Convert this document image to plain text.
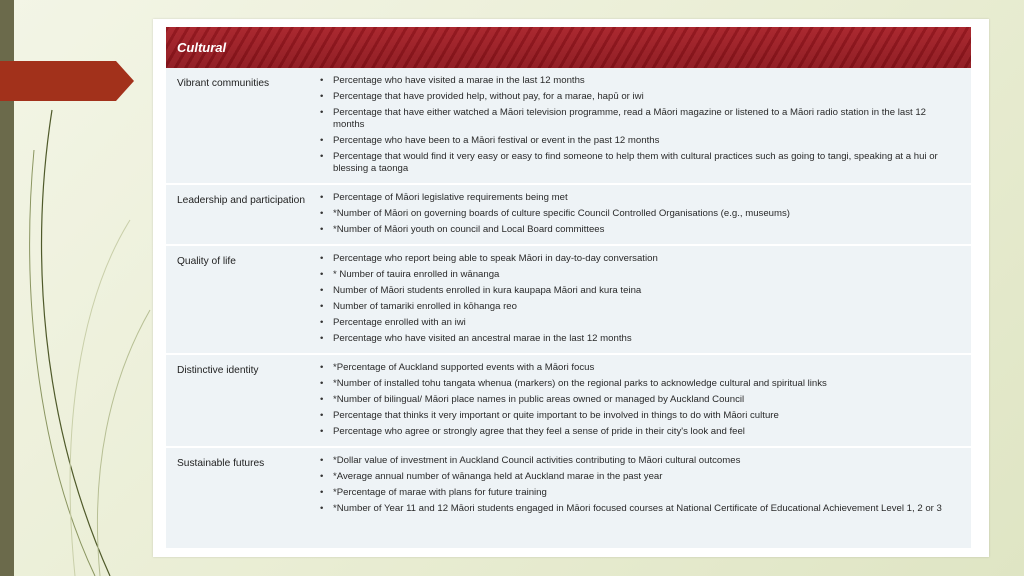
Cultural
Vibrant communities	• Percentage who have visited a marae in the last 12 months
• Percentage that have provided help, without pay, for a marae, hapū or iwi
• Percentage that have either watched a Māori television programme, read a Māori magazine or listened to a Māori radio station in the last 12 months
• Percentage who have been to a Māori festival or event in the past 12 months
• Percentage that would find it very easy or easy to find someone to help them with cultural practices such as going to tangi, speaking at a hui or blessing a taonga
Leadership and participation	• Percentage of Māori legislative requirements being met
• *Number of Māori on governing boards of culture specific Council Controlled Organisations (e.g., museums)
• *Number of Māori youth on council and Local Board committees
Quality of life	• Percentage who report being able to speak Māori in day-to-day conversation
• * Number of tauira enrolled in wānanga
• Number of Māori students enrolled in kura kaupapa Māori and kura teina
• Number of tamariki enrolled in kōhanga reo
• Percentage enrolled with an iwi
• Percentage who have visited an ancestral marae in the last 12 months
Distinctive identity	• *Percentage of Auckland supported events with a Māori focus
• *Number of installed tohu tangata whenua (markers) on the regional parks to acknowledge cultural and spiritual links
• *Number of bilingual/ Māori place names in public areas owned or managed by Auckland Council
• Percentage that thinks it very important or quite important to be involved in things to do with Māori culture
• Percentage who agree or strongly agree that they feel a sense of pride in their city's look and feel
Sustainable futures	• *Dollar value of investment in Auckland Council activities contributing to Māori cultural outcomes
• *Average annual number of wānanga held at Auckland marae in the past year
• *Percentage of marae with plans for future training
• *Number of Year 11 and 12 Māori students engaged in Māori focused courses at National Certificate of Educational Achievement Level 1, 2 or 3
